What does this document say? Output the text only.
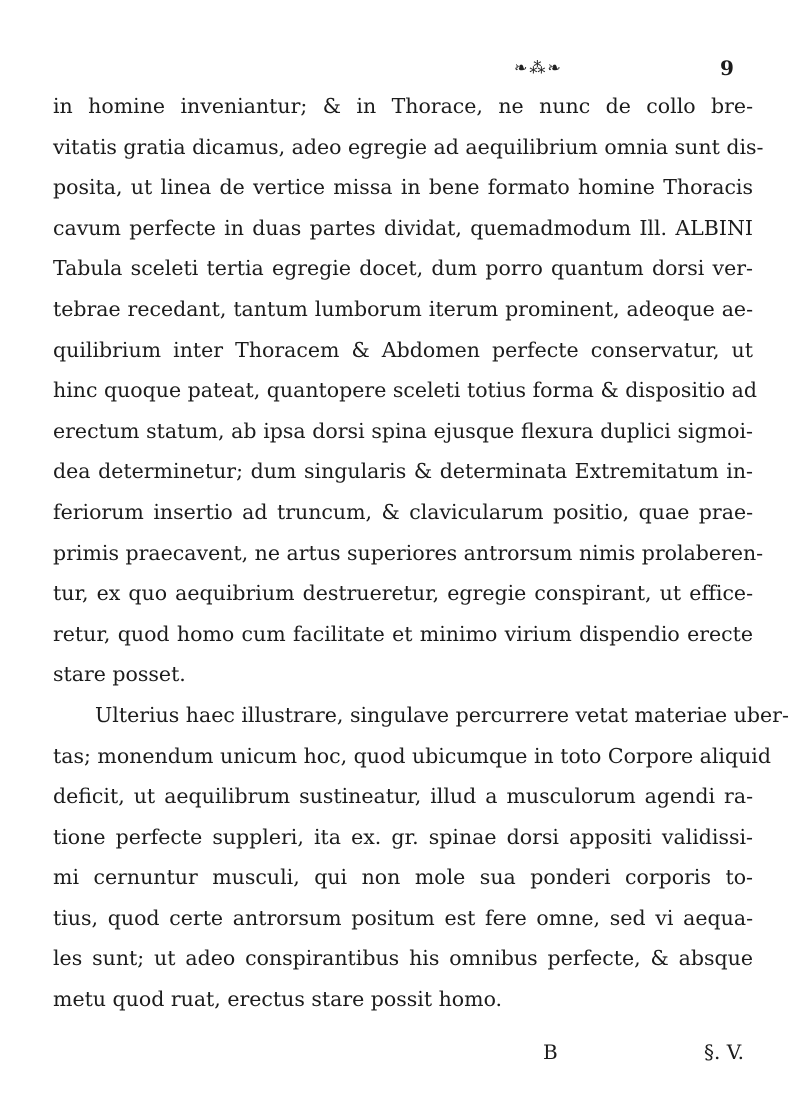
❧⁂❧	9
in homine inveniantur; & in Thorace, ne nunc de collo bre-
vitatis gratia dicamus, adeo egregie ad aequilibrium omnia sunt dis-
posita, ut linea de vertice missa in bene formato homine Thoracis
cavum perfecte in duas partes dividat, quemadmodum Ill. ALBINI
Tabula sceleti tertia egregie docet, dum porro quantum dorsi ver-
tebrae recedant, tantum lumborum iterum prominent, adeoque ae-
quilibrium inter Thoracem & Abdomen perfecte conservatur, ut
hinc quoque pateat, quantopere sceleti totius forma & dispositio ad
erectum statum, ab ipsa dorsi spina ejusque flexura duplici sigmoi-
dea determinetur; dum singularis & determinata Extremitatum in-
feriorum insertio ad truncum, & clavicularum positio, quae prae-
primis praecavent, ne artus superiores antrorsum nimis prolaberen-
tur, ex quo aequibrium destrueretur, egregie conspirant, ut effice-
retur, quod homo cum facilitate et minimo virium dispendio erecte
stare posset.
Ulterius haec illustrare, singulave percurrere vetat materiae uber-
tas; monendum unicum hoc, quod ubicumque in toto Corpore aliquid
deficit, ut aequilibrum sustineatur, illud a musculorum agendi ra-
tione perfecte suppleri, ita ex. gr. spinae dorsi appositi validissi-
mi cernuntur musculi, qui non mole sua ponderi corporis to-
tius, quod certe antrorsum positum est fere omne, sed vi aequa-
les sunt; ut adeo conspirantibus his omnibus perfecte, & absque
metu quod ruat, erectus stare possit homo.
B	§. V.
